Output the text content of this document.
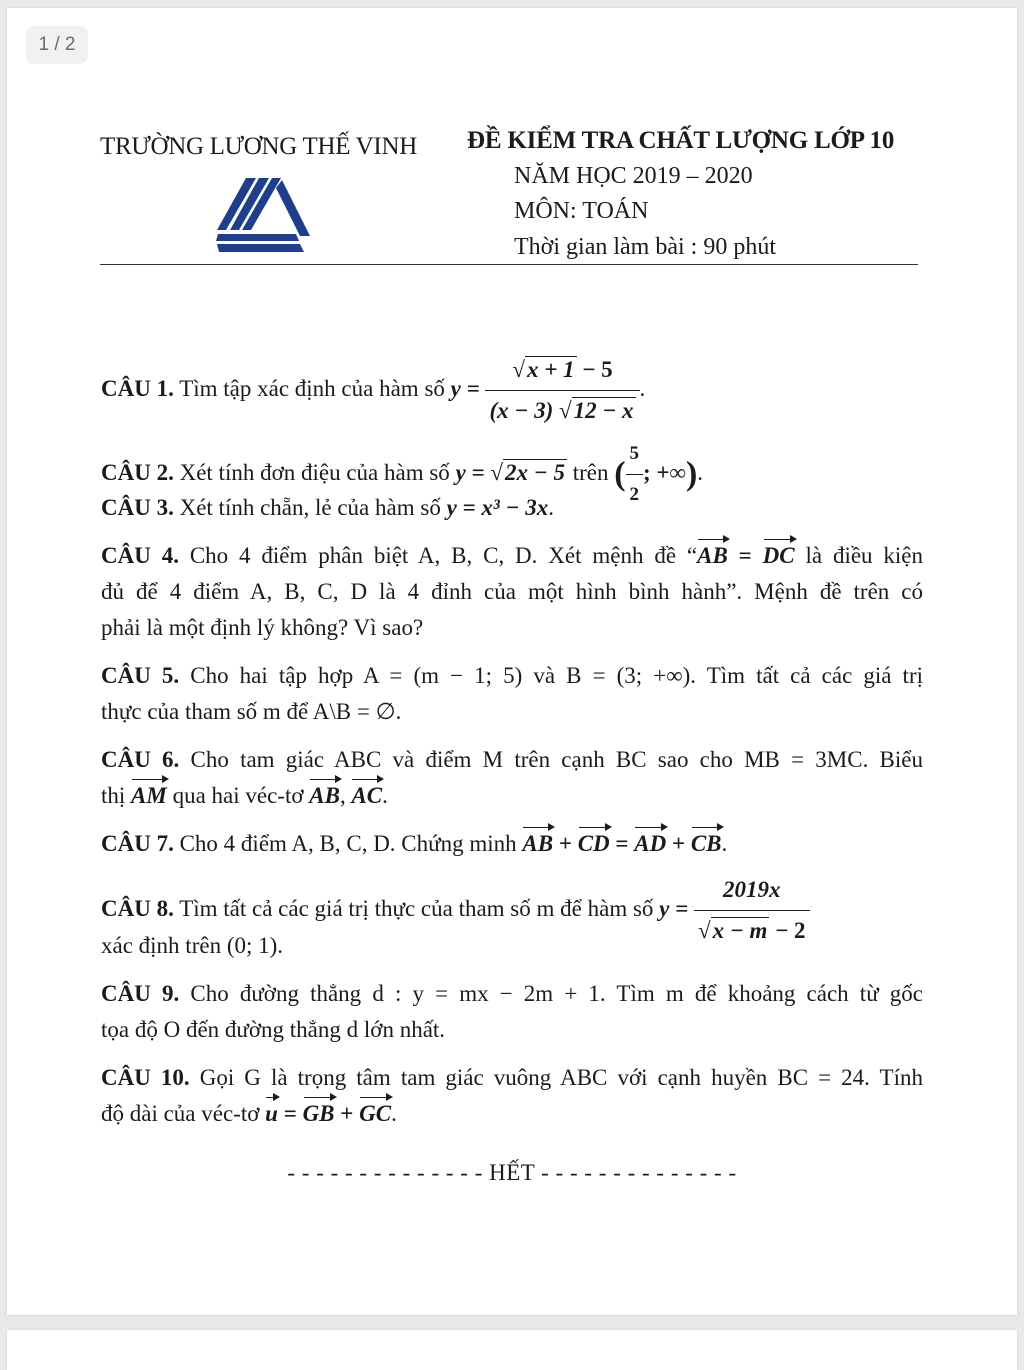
1 / 2
TRƯỜNG LƯƠNG THẾ VINH ĐỀ KIỂM TRA CHẤT LƯỢNG LỚP 10
NĂM HỌC 2019 – 2020
MÔN: TOÁN
Thời gian làm bài : 90 phút
CÂU 1. Tìm tập xác định của hàm số $y = \frac{√x + 1 - 5}{(x - 3) √12 - x}$ .
CÂU 2. Xét tính đơn điệu của hàm số y = √2x − 5 trên ( $\frac{5}{2}$ ; +∞).
CÂU 3. Xét tính chẵn, lẻ của hàm số y = x³ − 3x.
CÂU 4. Cho 4 điểm phân biệt A, B, C, D. Xét mệnh đề “AB = DC là điều kiện
đủ để 4 điểm A, B, C, D là 4 đỉnh của một hình bình hành”. Mệnh đề trên có
phải là một định lý không? Vì sao?
CÂU 5. Cho hai tập hợp A = (m − 1; 5) và B = (3; +∞). Tìm tất cả các giá trị
thực của tham số m để A\B = ∅.
CÂU 6. Cho tam giác ABC và điểm M trên cạnh BC sao cho MB = 3MC. Biểu
thị AM qua hai véc-tơ AB, AC.
CÂU 7. Cho 4 điểm A, B, C, D. Chứng minh AB + CD = AD + CB.
CÂU 8. Tìm tất cả các giá trị thực của tham số m để hàm số $y = \frac{2019x}{√x - m - 2}$
xác định trên (0; 1).
CÂU 9. Cho đường thẳng d : y = mx − 2m + 1. Tìm m để khoảng cách từ gốc
tọa độ O đến đường thẳng d lớn nhất.
CÂU 10. Gọi G là trọng tâm tam giác vuông ABC với cạnh huyền BC = 24. Tính
độ dài của véc-tơ u = GB + GC.
- - - - - - - - - - - - - - HẾT - - - - - - - - - - - - - -
